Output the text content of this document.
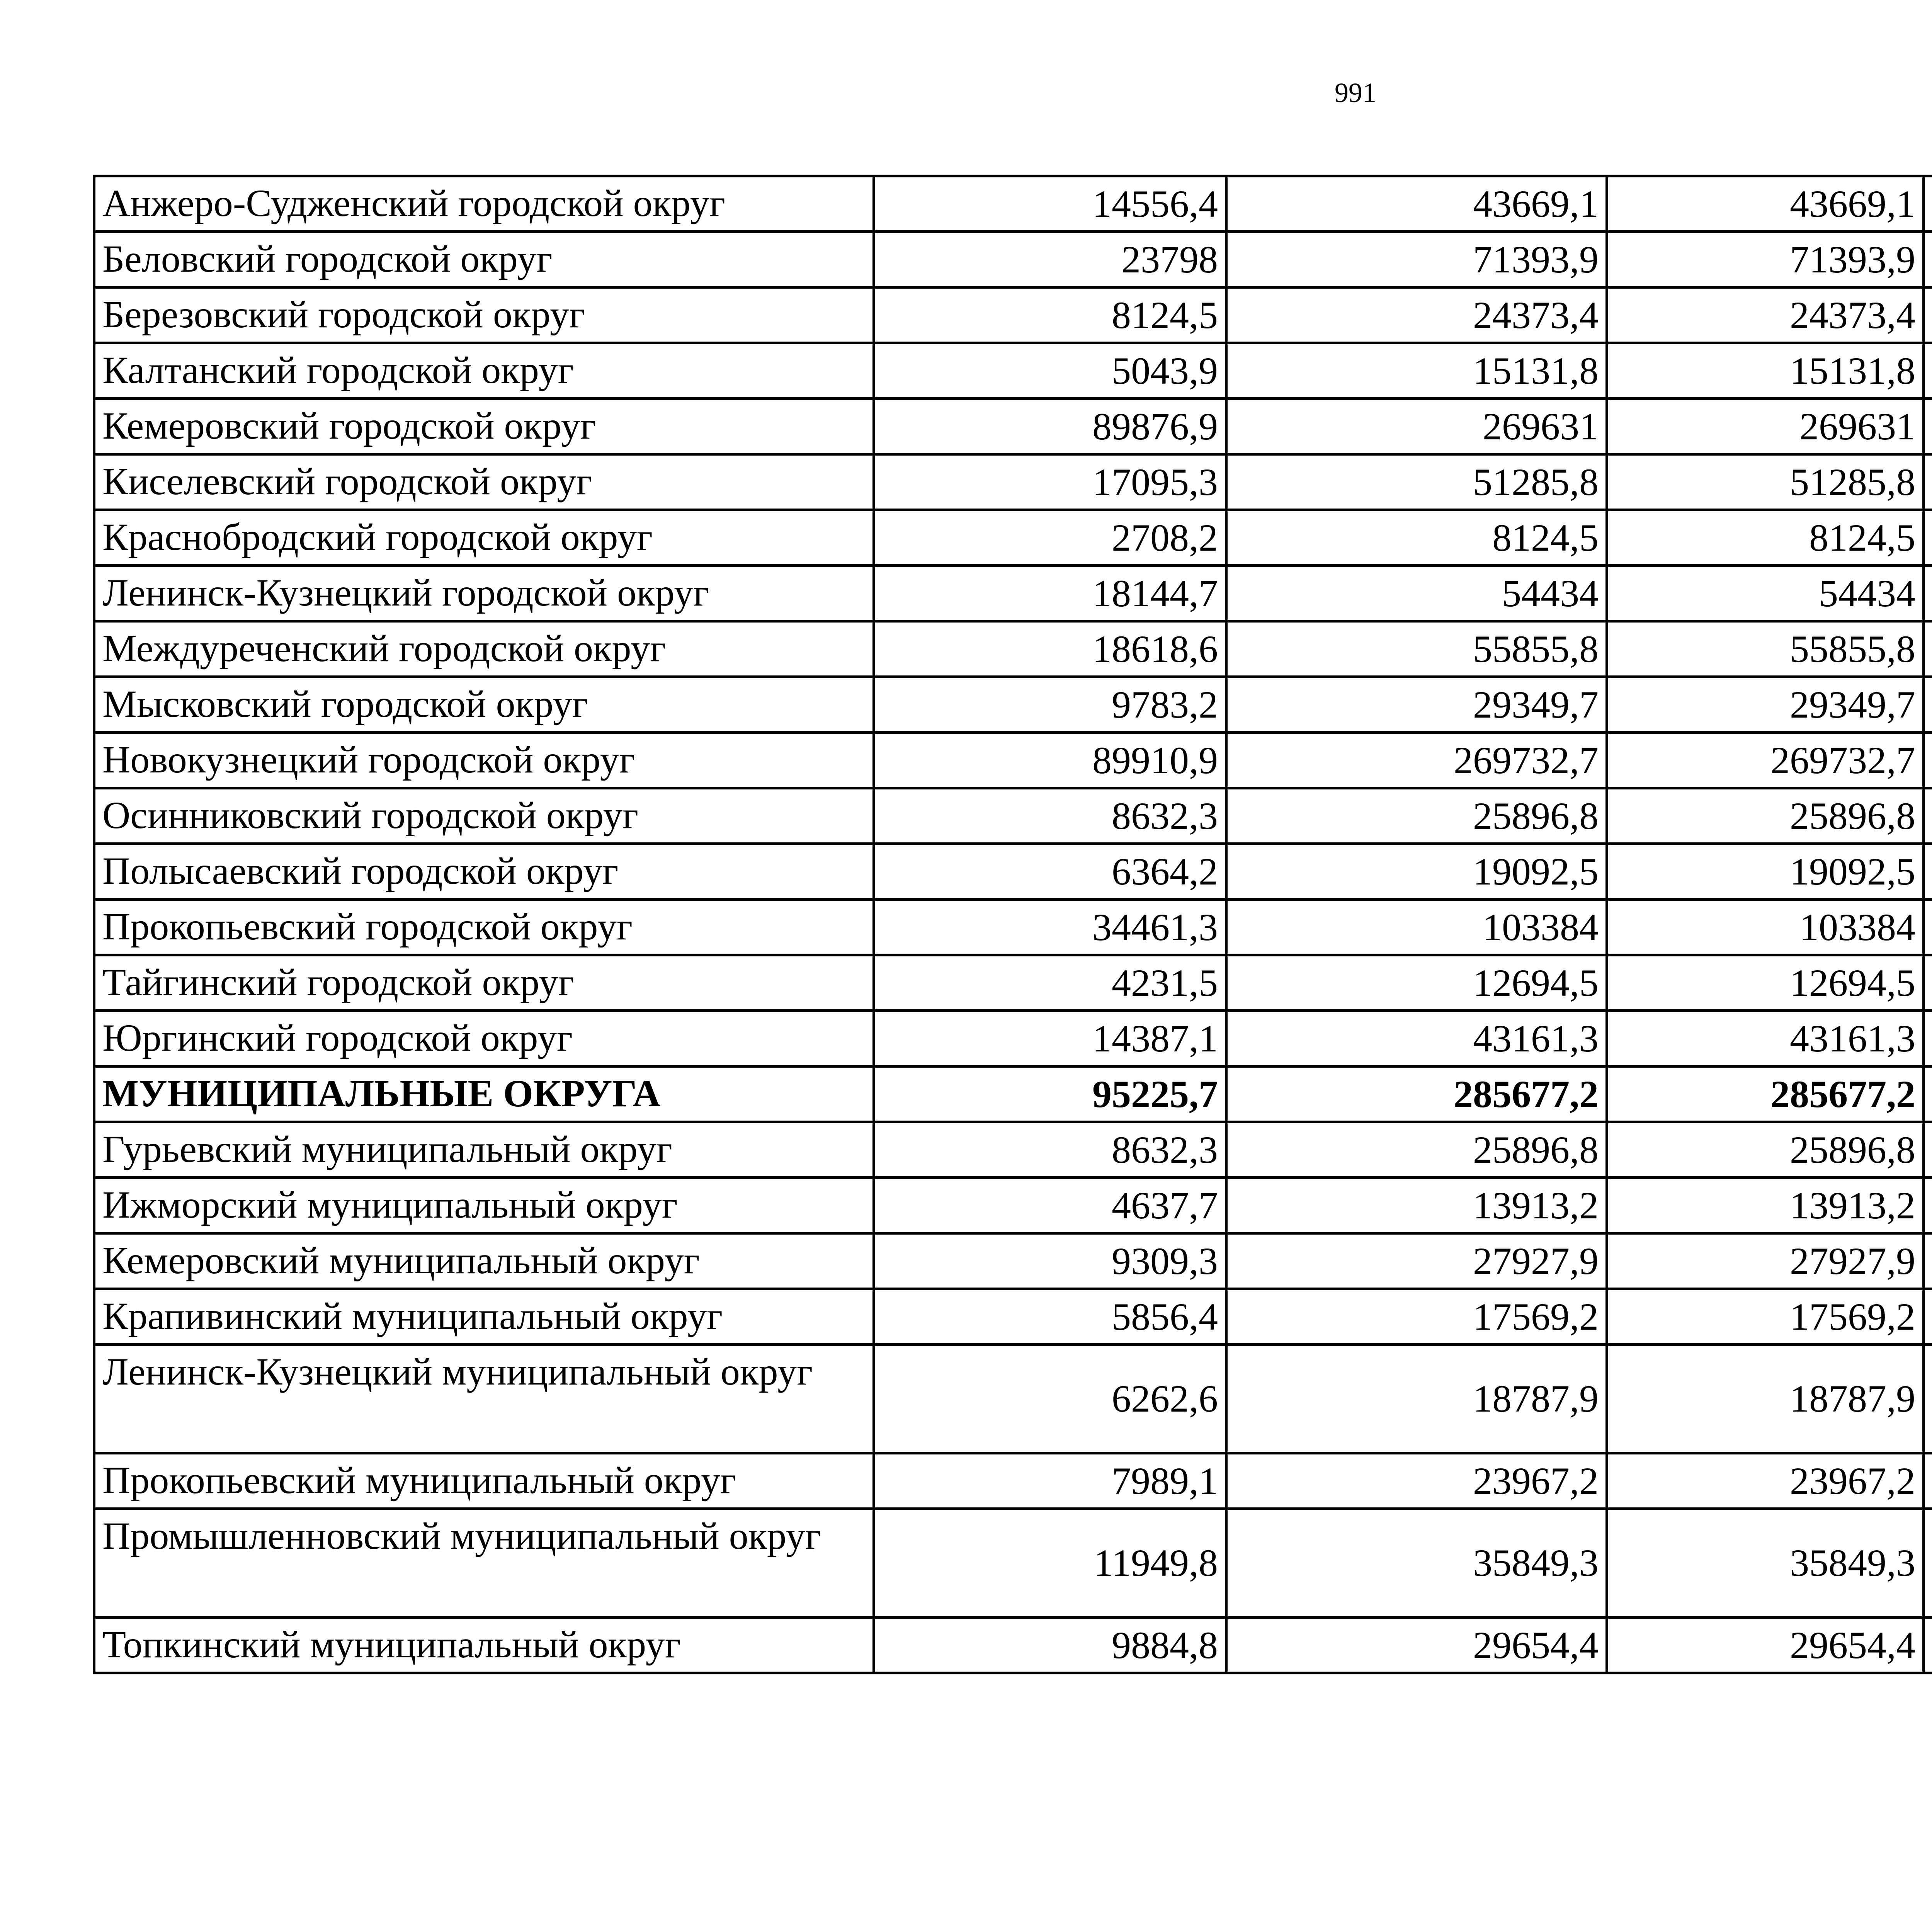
991
Анжеро-Судженский городской округ	14556,4	43669,1	43669,1	
Беловский городской округ	23798	71393,9	71393,9	
Березовский городской округ	8124,5	24373,4	24373,4	
Калтанский городской округ	5043,9	15131,8	15131,8	
Кемеровский городской округ	89876,9	269631	269631	
Киселевский городской округ	17095,3	51285,8	51285,8	
Краснобродский городской округ	2708,2	8124,5	8124,5	
Ленинск-Кузнецкий городской округ	18144,7	54434	54434	
Междуреченский городской округ	18618,6	55855,8	55855,8	
Мысковский городской округ	9783,2	29349,7	29349,7	
Новокузнецкий городской округ	89910,9	269732,7	269732,7	
Осинниковский городской округ	8632,3	25896,8	25896,8	
Полысаевский городской округ	6364,2	19092,5	19092,5	
Прокопьевский городской округ	34461,3	103384	103384	
Тайгинский городской округ	4231,5	12694,5	12694,5	
Юргинский городской округ	14387,1	43161,3	43161,3	
МУНИЦИПАЛЬНЫЕ ОКРУГА	95225,7	285677,2	285677,2	
Гурьевский муниципальный округ	8632,3	25896,8	25896,8	
Ижморский муниципальный округ	4637,7	13913,2	13913,2	
Кемеровский муниципальный округ	9309,3	27927,9	27927,9	
Крапивинский муниципальный округ	5856,4	17569,2	17569,2	
Ленинск-Кузнецкий муниципальный округ	6262,6	18787,9	18787,9	
Прокопьевский муниципальный округ	7989,1	23967,2	23967,2	
Промышленновский муниципальный округ	11949,8	35849,3	35849,3	
Топкинский муниципальный округ	9884,8	29654,4	29654,4	
